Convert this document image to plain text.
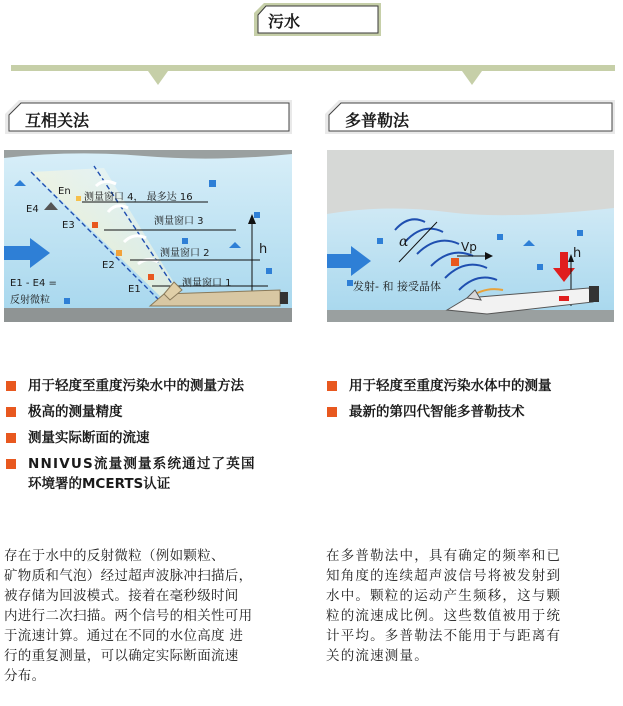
污水
互相关法	多普勒法
En
E4
E3
E2
E1
测量窗口 4， 最多达 16
测量窗口 3
测量窗口 2
测量窗口 1
E1 - E4 =
反射微粒
h	α	Vp	h
发射- 和 接受晶体
用于轻度至重度污染水中的测量方法
极高的测量精度
测量实际断面的流速
NNIVUS流量测量系统通过了英国
环境署的MCERTS认证
用于轻度至重度污染水体中的测量
最新的第四代智能多普勒技术
存在于水中的反射微粒（例如颗粒、
矿物质和气泡）经过超声波脉冲扫描后，
被存储为回波模式。接着在毫秒级时间
内进行二次扫描。两个信号的相关性可用
于流速计算。通过在不同的水位高度 进
行的重复测量，可以确定实际断面流速
分布。
在多普勒法中，具有确定的频率和已
知角度的连续超声波信号将被发射到
水中。颗粒的运动产生频移，这与颗
粒的流速成比例。这些数值被用于统
计平均。多普勒法不能用于与距离有
关的流速测量。
